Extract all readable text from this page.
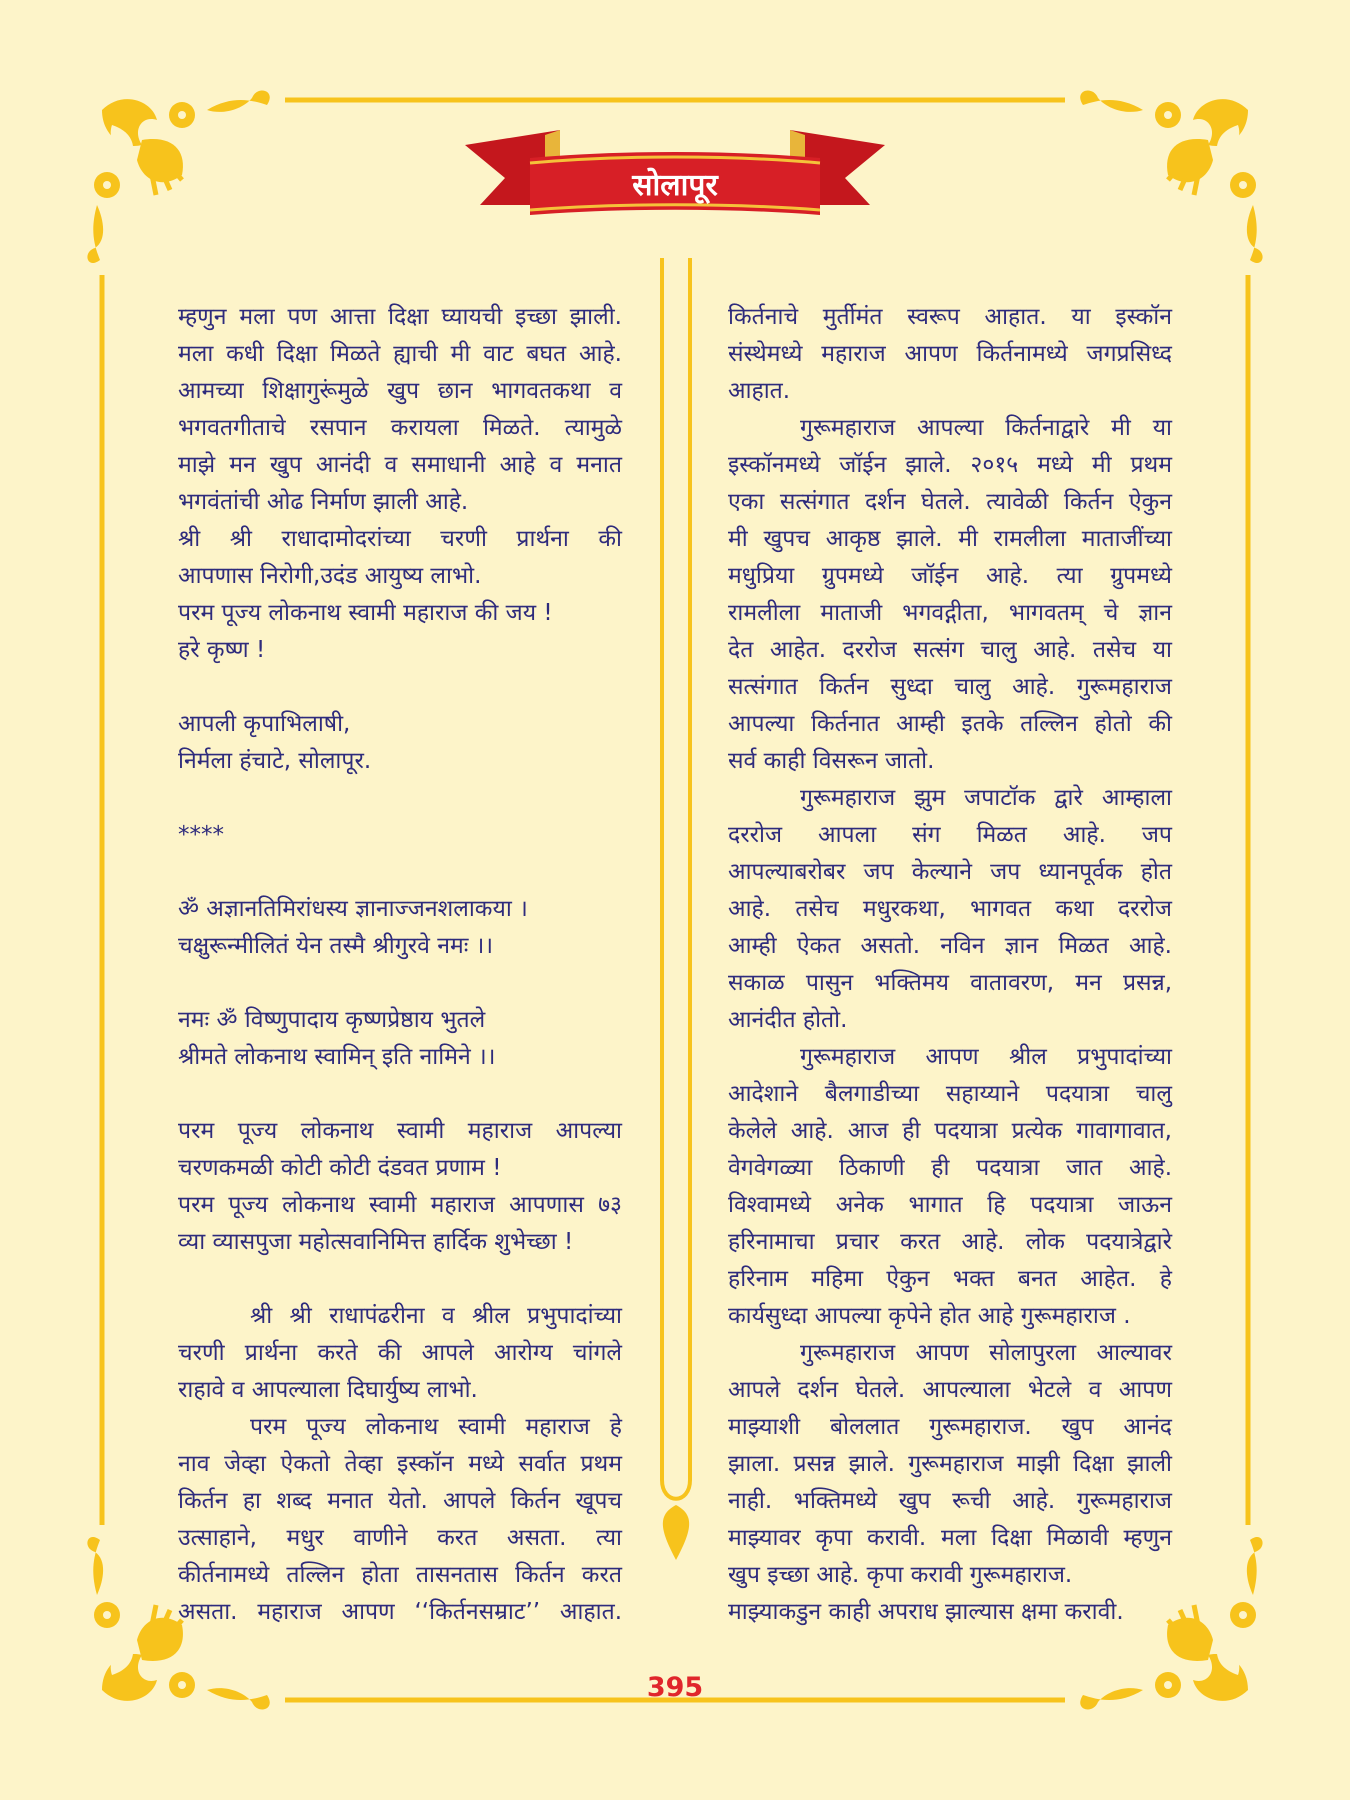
सोलापूर
म्हणुन मला पण आत्ता दिक्षा घ्यायची इच्छा झाली.
मला कधी दिक्षा मिळते ह्याची मी वाट बघत आहे.
आमच्या शिक्षागुरूंमुळे खुप छान भागवतकथा व
भगवतगीताचे रसपान करायला मिळते. त्यामुळे
माझे मन खुप आनंदी व समाधानी आहे व मनात
भगवंतांची ओढ निर्माण झाली आहे.
श्री श्री राधादामोदरांच्या चरणी प्रार्थना की
आपणास निरोगी,उदंड आयुष्य लाभो.
परम पूज्य लोकनाथ स्वामी महाराज की जय !
हरे कृष्ण !
आपली कृपाभिलाषी,
निर्मला हंचाटे, सोलापूर.
****
ॐ अज्ञानतिमिरांधस्य ज्ञानाज्जनशलाकया ।
चक्षुरून्मीलितं येन तस्मै श्रीगुरवे नमः ।।
नमः ॐ विष्णुपादाय कृष्णप्रेष्ठाय भुतले
श्रीमते लोकनाथ स्वामिन् इति नामिने ।।
परम पूज्य लोकनाथ स्वामी महाराज आपल्या
चरणकमळी कोटी कोटी दंडवत प्रणाम !
परम पूज्य लोकनाथ स्वामी महाराज आपणास ७३
व्या व्यासपुजा महोत्सवानिमित्त हार्दिक शुभेच्छा !
श्री श्री राधापंढरीना व श्रील प्रभुपादांच्या
चरणी प्रार्थना करते की आपले आरोग्य चांगले
राहावे व आपल्याला दिघार्युष्य लाभो.
परम पूज्य लोकनाथ स्वामी महाराज हे
नाव जेव्हा ऐकतो तेव्हा इस्कॉन मध्ये सर्वात प्रथम
किर्तन हा शब्द मनात येतो. आपले किर्तन खूपच
उत्साहाने, मधुर वाणीने करत असता. त्या
कीर्तनामध्ये तल्लिन होता तासनतास किर्तन करत
असता. महाराज आपण ‘‘किर्तनसम्राट’’ आहात.
किर्तनाचे मुर्तीमंत स्वरूप आहात. या इस्कॉन
संस्थेमध्ये महाराज आपण किर्तनामध्ये जगप्रसिध्द
आहात.
गुरूमहाराज आपल्या किर्तनाद्वारे मी या
इस्कॉनमध्ये जॉईन झाले. २०१५ मध्ये मी प्रथम
एका सत्संगात दर्शन घेतले. त्यावेळी किर्तन ऐकुन
मी खुपच आकृष्ठ झाले. मी रामलीला माताजींच्या
मधुप्रिया ग्रुपमध्ये जॉईन आहे. त्या ग्रुपमध्ये
रामलीला माताजी भगवद्गीता, भागवतम् चे ज्ञान
देत आहेत. दररोज सत्संग चालु आहे. तसेच या
सत्संगात किर्तन सुध्दा चालु आहे. गुरूमहाराज
आपल्या किर्तनात आम्ही इतके तल्लिन होतो की
सर्व काही विसरून जातो.
गुरूमहाराज झुम जपाटॉक द्वारे आम्हाला
दररोज आपला संग मिळत आहे. जप
आपल्याबरोबर जप केल्याने जप ध्यानपूर्वक होत
आहे. तसेच मधुरकथा, भागवत कथा दररोज
आम्ही ऐकत असतो. नविन ज्ञान मिळत आहे.
सकाळ पासुन भक्तिमय वातावरण, मन प्रसन्न,
आनंदीत होतो.
गुरूमहाराज आपण श्रील प्रभुपादांच्या
आदेशाने बैलगाडीच्या सहाय्याने पदयात्रा चालु
केलेले आहे. आज ही पदयात्रा प्रत्येक गावागावात,
वेगवेगळ्या ठिकाणी ही पदयात्रा जात आहे.
विश्वामध्ये अनेक भागात हि पदयात्रा जाऊन
हरिनामाचा प्रचार करत आहे. लोक पदयात्रेद्वारे
हरिनाम महिमा ऐकुन भक्त बनत आहेत. हे
कार्यसुध्दा आपल्या कृपेने होत आहे गुरूमहाराज .
गुरूमहाराज आपण सोलापुरला आल्यावर
आपले दर्शन घेतले. आपल्याला भेटले व आपण
माझ्याशी बोललात गुरूमहाराज. खुप आनंद
झाला. प्रसन्न झाले. गुरूमहाराज माझी दिक्षा झाली
नाही. भक्तिमध्ये खुप रूची आहे. गुरूमहाराज
माझ्यावर कृपा करावी. मला दिक्षा मिळावी म्हणुन
खुप इच्छा आहे. कृपा करावी गुरूमहाराज.
माझ्याकडुन काही अपराध झाल्यास क्षमा करावी.
395
